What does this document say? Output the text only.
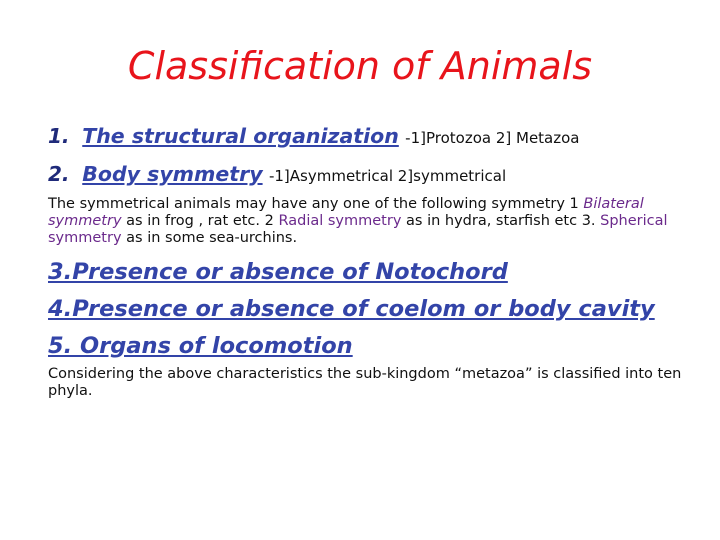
Classification of Animals
1. The structural organization -1]Protozoa 2] Metazoa
2. Body symmetry -1]Asymmetrical 2]symmetrical
The symmetrical animals may have any one of the following symmetry 1 Bilateral symmetry as in frog , rat etc. 2 Radial symmetry as in hydra, starfish etc 3. Spherical symmetry as in some sea-urchins.
3.Presence or absence of Notochord
4.Presence or absence of coelom or body cavity
5. Organs of locomotion
Considering the above characteristics the sub-kingdom “metazoa” is classified into ten phyla.
